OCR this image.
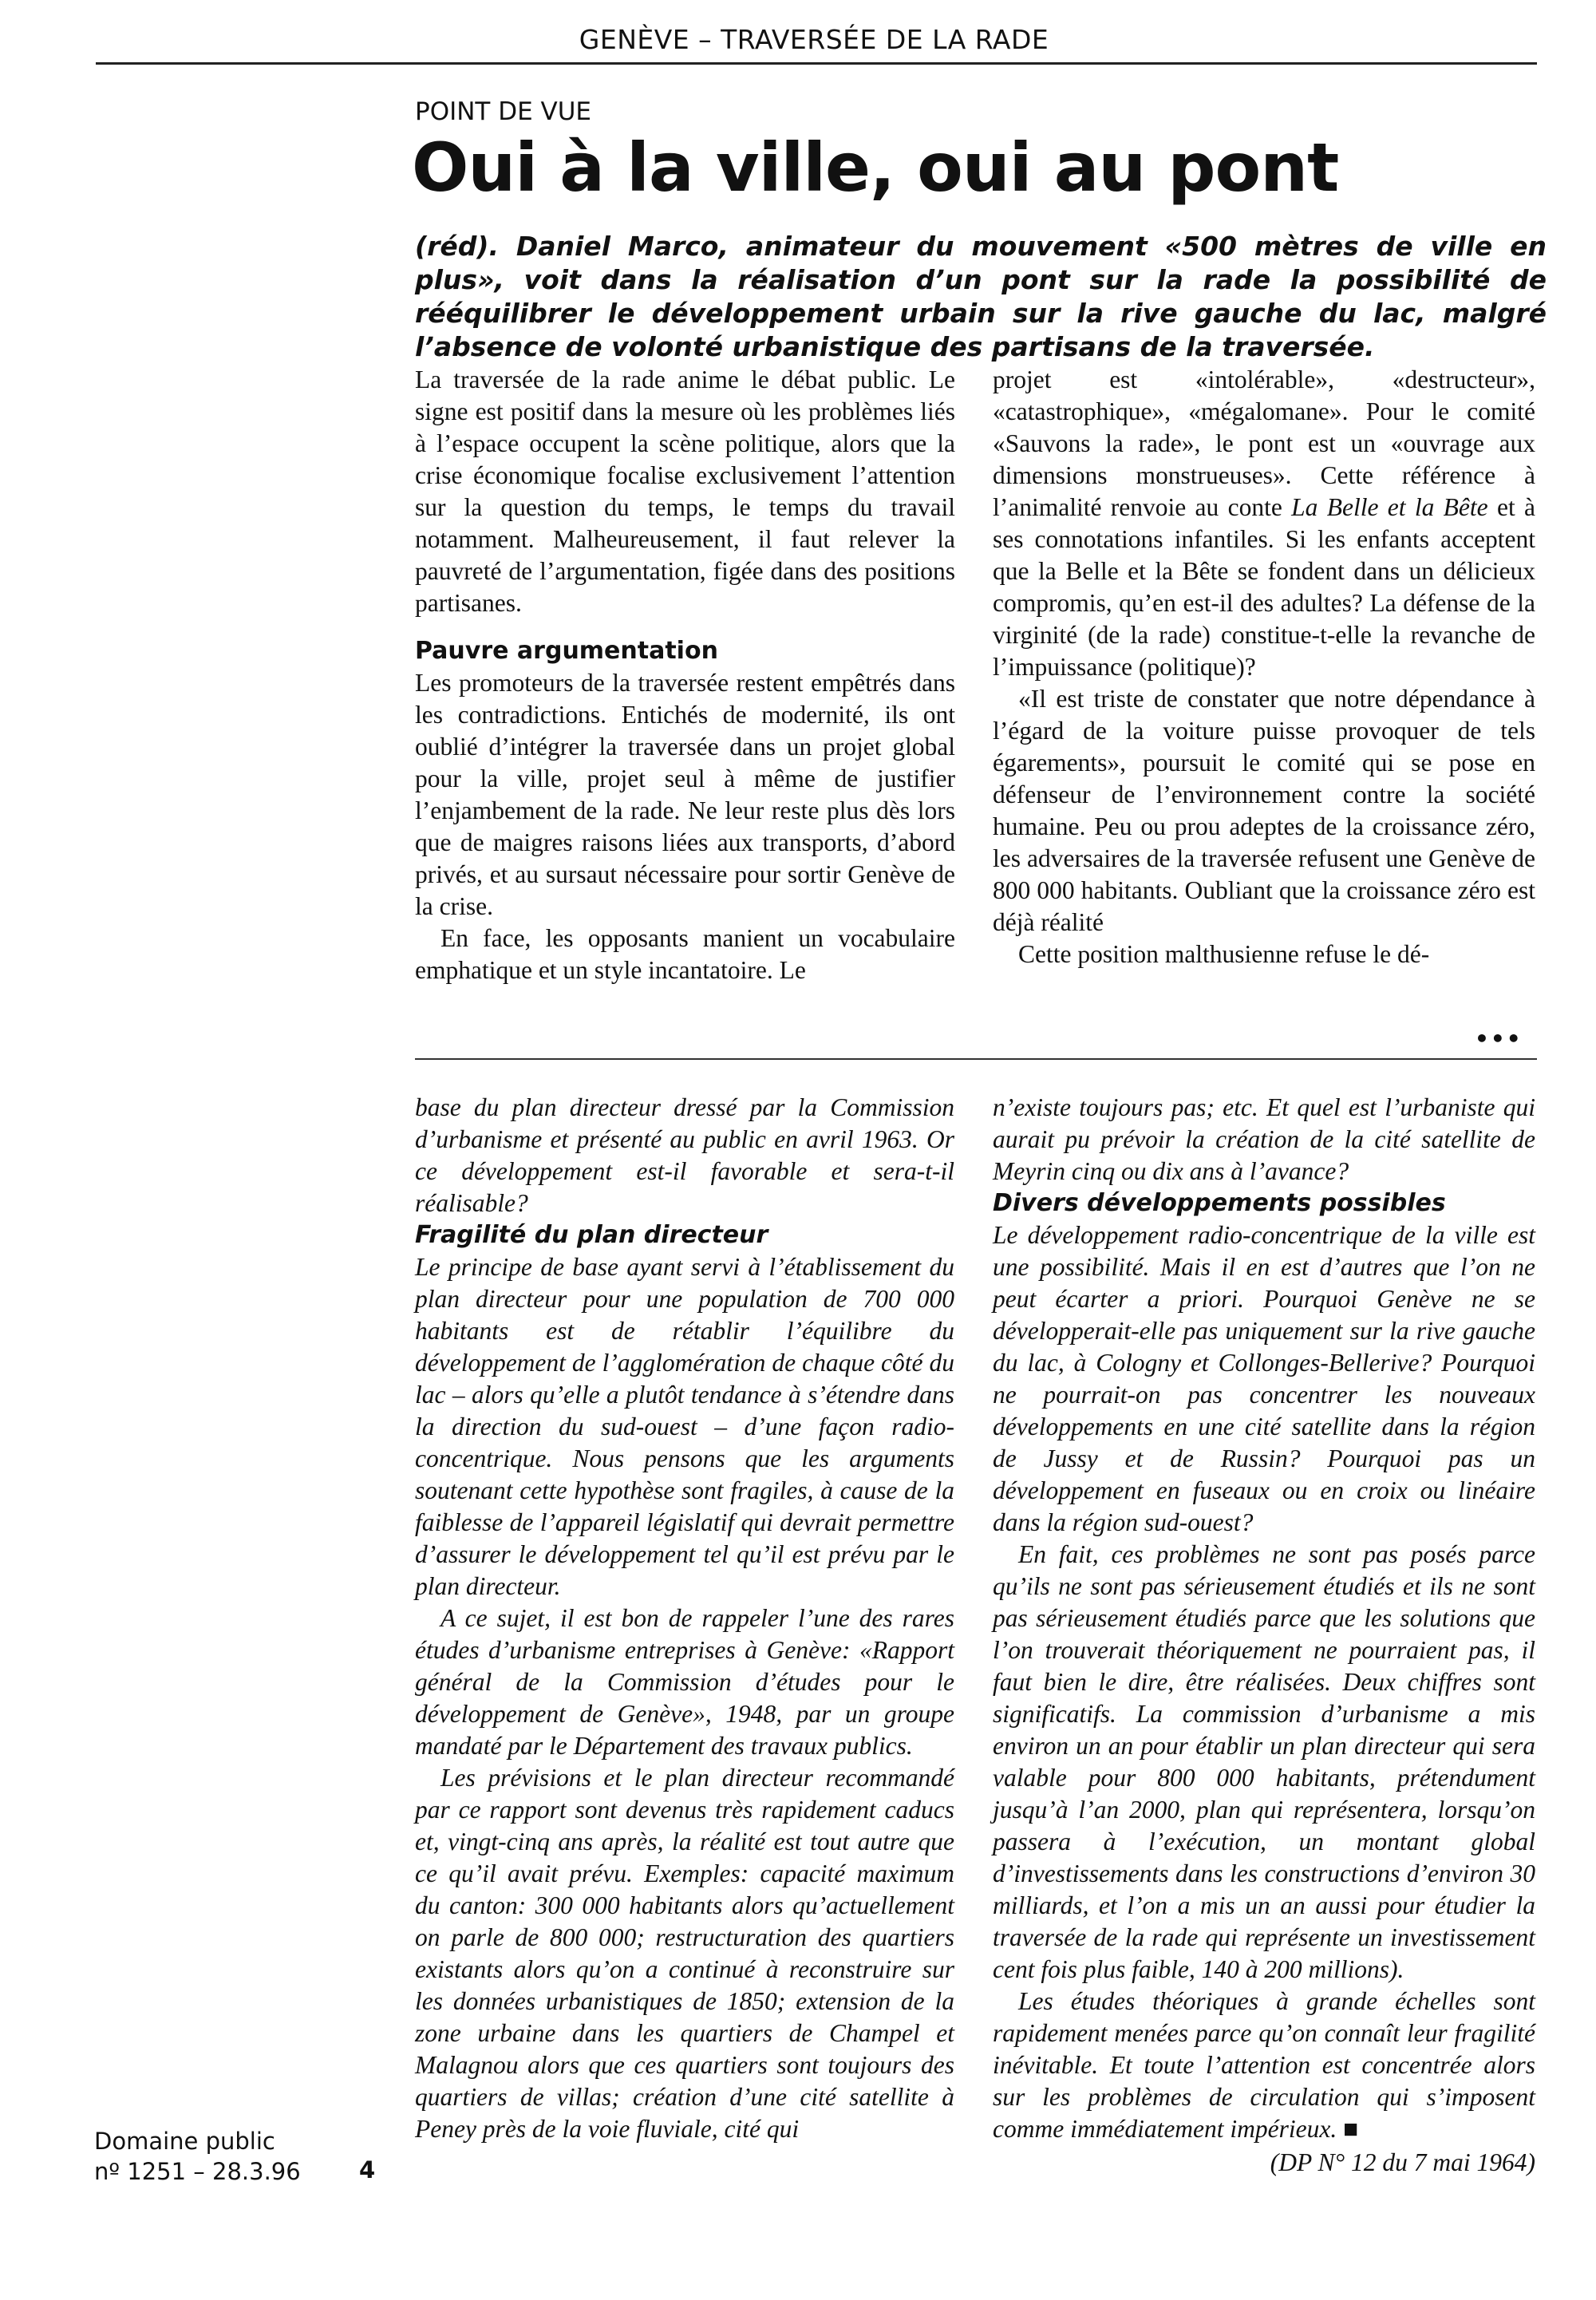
GENÈVE – TRAVERSÉE DE LA RADE
POINT DE VUE
Oui à la ville, oui au pont
(réd). Daniel Marco, animateur du mouvement «500 mètres de ville en plus», voit dans la réalisation d’un pont sur la rade la possibilité de rééquilibrer le développement urbain sur la rive gauche du lac, malgré l’absence de volonté urbanistique des partisans de la traversée.

La traversée de la rade anime le débat public. Le signe est positif dans la mesure où les problèmes liés à l’espace occupent la scène politique, alors que la crise économique focalise exclusivement l’attention sur la question du temps, le temps du travail notamment. Malheureusement, il faut relever la pauvreté de l’argumentation, figée dans des positions partisanes.

Pauvre argumentation

Les promoteurs de la traversée restent empêtrés dans les contradictions. Entichés de modernité, ils ont oublié d’intégrer la traversée dans un projet global pour la ville, projet seul à même de justifier l’enjambement de la rade. Ne leur reste plus dès lors que de maigres raisons liées aux transports, d’abord privés, et au sursaut nécessaire pour sortir Genève de la crise.

En face, les opposants manient un vocabulaire emphatique et un style incantatoire. Le

projet est «intolérable», «destructeur», «catastrophique», «mégalomane». Pour le comité «Sauvons la rade», le pont est un «ouvrage aux dimensions monstrueuses». Cette référence à l’animalité renvoie au conte La Belle et la Bête et à ses connotations infantiles. Si les enfants acceptent que la Belle et la Bête se fondent dans un délicieux compromis, qu’en est-il des adultes? La défense de la virginité (de la rade) constitue-t-elle la revanche de l’impuissance (politique)?

«Il est triste de constater que notre dépendance à l’égard de la voiture puisse provoquer de tels égarements», poursuit le comité qui se pose en défenseur de l’environnement contre la société humaine. Peu ou prou adeptes de la croissance zéro, les adversaires de la traversée refusent une Genève de 800 000 habitants. Oubliant que la croissance zéro est déjà réalité

Cette position malthusienne refuse le dé-

•••

base du plan directeur dressé par la Commission d’urbanisme et présenté au public en avril 1963. Or ce développement est-il favorable et sera-t-il réalisable?

Fragilité du plan directeur

Le principe de base ayant servi à l’établissement du plan directeur pour une population de 700 000 habitants est de rétablir l’équilibre du développement de l’agglomération de chaque côté du lac – alors qu’elle a plutôt tendance à s’étendre dans la direction du sud-ouest – d’une façon radio-concentrique. Nous pensons que les arguments soutenant cette hypothèse sont fragiles, à cause de la faiblesse de l’appareil législatif qui devrait permettre d’assurer le développement tel qu’il est prévu par le plan directeur.

A ce sujet, il est bon de rappeler l’une des rares études d’urbanisme entreprises à Genève: «Rapport général de la Commission d’études pour le développement de Genève», 1948, par un groupe mandaté par le Département des travaux publics.

Les prévisions et le plan directeur recommandé par ce rapport sont devenus très rapidement caducs et, vingt-cinq ans après, la réalité est tout autre que ce qu’il avait prévu. Exemples: capacité maximum du canton: 300 000 habitants alors qu’actuellement on parle de 800 000; restructuration des quartiers existants alors qu’on a continué à reconstruire sur les données urbanistiques de 1850; extension de la zone urbaine dans les quartiers de Champel et Malagnou alors que ces quartiers sont toujours des quartiers de villas; création d’une cité satellite à Peney près de la voie fluviale, cité qui

n’existe toujours pas; etc. Et quel est l’urbaniste qui aurait pu prévoir la création de la cité satellite de Meyrin cinq ou dix ans à l’avance?

Divers développements possibles

Le développement radio-concentrique de la ville est une possibilité. Mais il en est d’autres que l’on ne peut écarter a priori. Pourquoi Genève ne se développerait-elle pas uniquement sur la rive gauche du lac, à Cologny et Collonges-Bellerive? Pourquoi ne pourrait-on pas concentrer les nouveaux développements en une cité satellite dans la région de Jussy et de Russin? Pourquoi pas un développement en fuseaux ou en croix ou linéaire dans la région sud-ouest?

En fait, ces problèmes ne sont pas posés parce qu’ils ne sont pas sérieusement étudiés et ils ne sont pas sérieusement étudiés parce que les solutions que l’on trouverait théoriquement ne pourraient pas, il faut bien le dire, être réalisées. Deux chiffres sont significatifs. La commission d’urbanisme a mis environ un an pour établir un plan directeur qui sera valable pour 800 000 habitants, prétendument jusqu’à l’an 2000, plan qui représentera, lorsqu’on passera à l’exécution, un montant global d’investissements dans les constructions d’environ 30 milliards, et l’on a mis un an aussi pour étudier la traversée de la rade qui représente un investissement cent fois plus faible, 140 à 200 millions).

Les études théoriques à grande échelles sont rapidement menées parce qu’on connaît leur fragilité inévitable. Et toute l’attention est concentrée alors sur les problèmes de circulation qui s’imposent comme immédiatement impérieux. ■

(DP N° 12 du 7 mai 1964)

Domaine public
nº 1251 – 28.3.96	4
